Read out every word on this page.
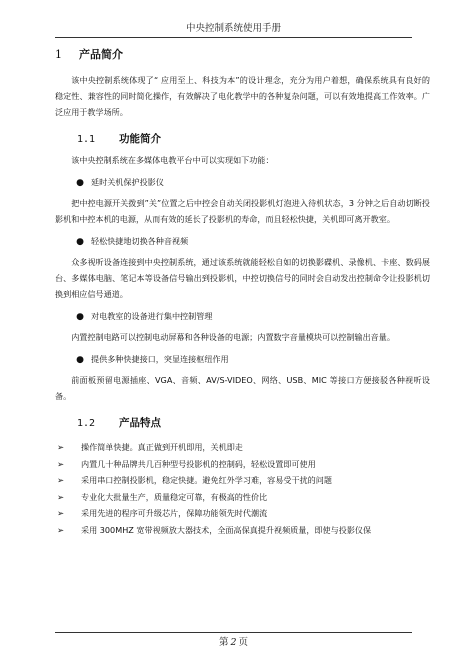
中央控制系统使用手册
1	产品简介

该中央控制系统体现了“ 应用至上、科技为本”的设计理念，充分为用户着想，确保系统具有良好的稳定性、兼容性的同时简化操作，有效解决了电化教学中的各种复杂问题，可以有效地提高工作效率。广泛应用于教学场所。

1.1	功能简介

该中央控制系统在多媒体电教平台中可以实现如下功能：

● 延时关机保护投影仪

把中控电源开关拨到”关”位置之后中控会自动关闭投影机灯泡进入待机状态，3 分钟之后自动切断投影机和中控本机的电源，从而有效的延长了投影机的寿命，而且轻松快捷，关机即可离开教室。

● 轻松快捷地切换各种音视频

众多视听设备连接到中央控制系统，通过该系统就能轻松自如的切换影碟机、录像机、卡座、数码展台、多媒体电脑、笔记本等设备信号输出到投影机，中控切换信号的同时会自动发出控制命令让投影机切换到相应信号通道。

● 对电教室的设备进行集中控制管理

内置控制电路可以控制电动屏幕和各种设备的电源；内置数字音量模块可以控制输出音量。

● 提供多种快捷接口，突显连接枢纽作用

前面板预留电源插座、VGA、音频、AV/S-VIDEO、网络、USB、MIC 等接口方便接驳各种视听设备。

1.2	产品特点
➢	操作简单快捷。真正做到开机即用，关机即走
➢	内置几十种品牌共几百种型号投影机的控制码，轻松设置即可使用
➢	采用串口控制投影机，稳定快捷。避免红外学习难，容易受干扰的问题
➢	专业化大批量生产，质量稳定可靠，有极高的性价比
➢	采用先进的程序可升级芯片，保障功能领先时代潮流
➢	采用 300MHZ 宽带视频放大器技术，全面高保真提升视频质量，即使与投影仪保
第 2 页
